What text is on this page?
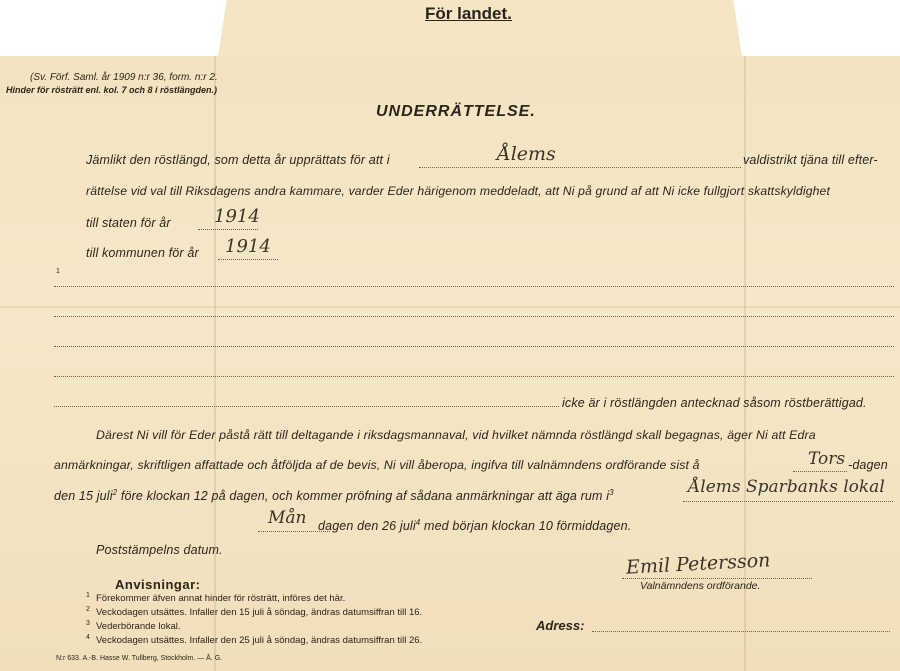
För landet.
(Sv. Förf. Saml. år 1909 n:r 36, form. n:r 2.
Hinder för rösträtt enl. kol. 7 och 8 i röstlängden.)
UNDERRÄTTELSE.
Jämlikt den röstlängd, som detta år upprättats för att i	Ålems	valdistrikt tjäna till efter-
rättelse vid val till Riksdagens andra kammare, varder Eder härigenom meddeladt, att Ni på grund af att Ni icke fullgjort skattskyldighet
till staten för år 1914
till kommunen för år 1914
1
icke är i röstlängden antecknad såsom röstberättigad.
Därest Ni vill för Eder påstå rätt till deltagande i riksdagsmannaval, vid hvilket nämnda röstlängd skall begagnas, äger Ni att Edra
anmärkningar, skriftligen affattade och åtföljda af de bevis, Ni vill åberopa, ingifva till valnämndens ordförande sist å	Tors -dagen
den 15 juli$^2$ före klockan 12 på dagen, och kommer pröfning af sådana anmärkningar att äga rum $i^3$	Ålems Sparbanks lokal
Mån dagen den 26 juli$^4$ med början klockan 10 förmiddagen.
Poststämpelns datum.	Emil Petersson
Valnämndens ordförande.
Anvisningar:
1 Förekommer äfven annat hinder för rösträtt, införes det här.
2 Veckodagen utsättes. Infaller den 15 juli å söndag, ändras datumsiffran till 16.
3 Vederbörande lokal.
4 Veckodagen utsättes. Infaller den 25 juli å söndag, ändras datumsiffran till 26.
Adress:
N:r 633. A.-B. Hasse W. Tullberg, Stockholm. — Å. G.
